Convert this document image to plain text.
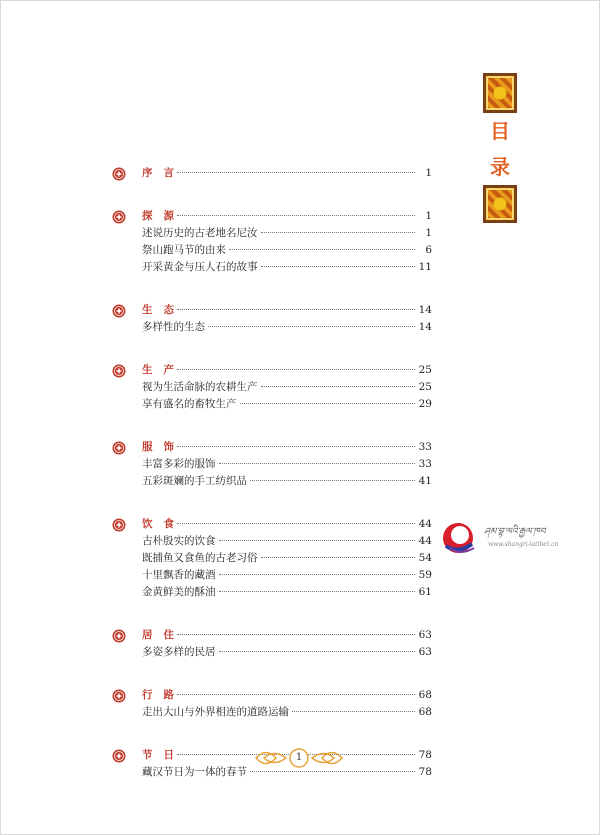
目
录
序言	1
探源	1
述说历史的古老地名尼汝	1
祭山跑马节的由来	6
开采黄金与压人石的故事	11
生态	14
多样性的生态	14
生产	25
视为生活命脉的农耕生产	25
享有盛名的畜牧生产	29
服饰	33
丰富多彩的服饰	33
五彩斑斓的手工纺织品	41
饮食	44
古朴殷实的饮食	44
既捕鱼又食鱼的古老习俗	54
十里飘香的藏酒	59
金黄鲜美的酥油	61
居住	63
多姿多样的民居	63
行路	68
走出大山与外界相连的道路运输	68
节日	78
藏汉节日为一体的春节	78
ཤམ་བྷ་ལའི་རྒྱལ་ཁབ
www.shangri-latibet.cn
1
